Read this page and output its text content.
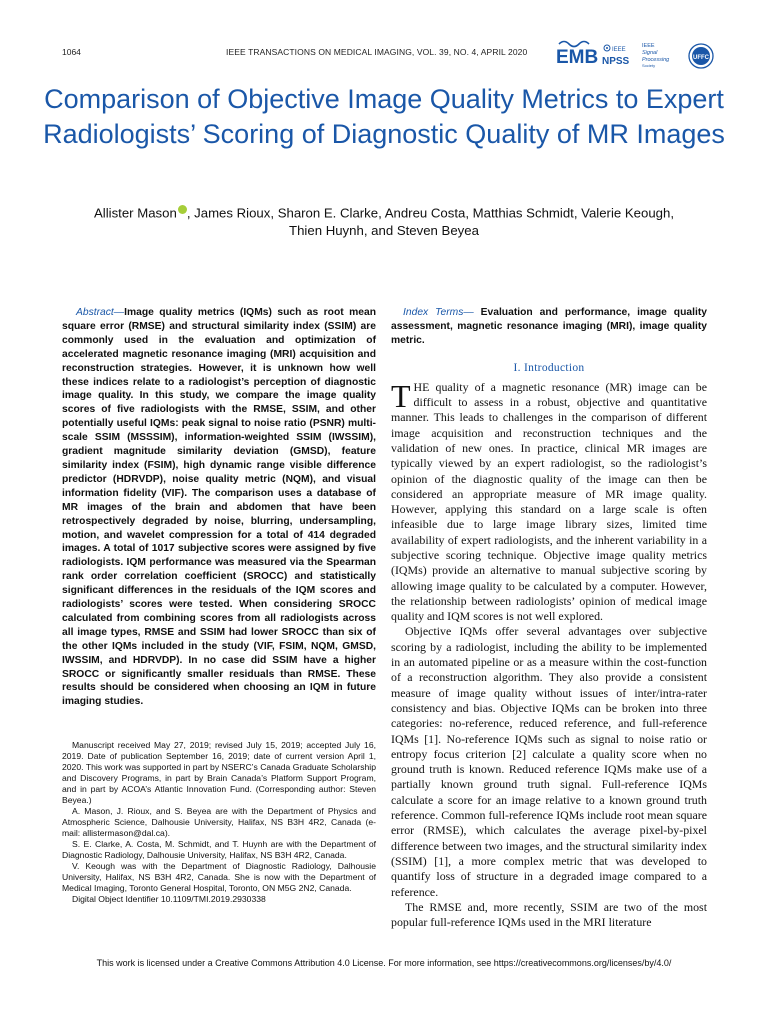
1064	IEEE TRANSACTIONS ON MEDICAL IMAGING, VOL. 39, NO. 4, APRIL 2020 EMB IEEE
NPSS
IEEE
Signal
Processing
Society
UFFC
Comparison of Objective Image Quality Metrics to Expert Radiologists’ Scoring of Diagnostic Quality of MR Images
Allister Mason , James Rioux, Sharon E. Clarke, Andreu Costa, Matthias Schmidt, Valerie Keough, Thien Huynh, and Steven Beyea

Abstract—Image quality metrics (IQMs) such as root mean square error (RMSE) and structural similarity index (SSIM) are commonly used in the evaluation and optimization of accelerated magnetic resonance imaging (MRI) acquisition and reconstruction strategies. However, it is unknown how well these indices relate to a radiologist’s perception of diagnostic image quality. In this study, we compare the image quality scores of five radiologists with the RMSE, SSIM, and other potentially useful IQMs: peak signal to noise ratio (PSNR) multi-scale SSIM (MSSSIM), information-weighted SSIM (IWSSIM), gradient magnitude similarity deviation (GMSD), feature similarity index (FSIM), high dynamic range visible difference predictor (HDRVDP), noise quality metric (NQM), and visual information fidelity (VIF). The comparison uses a database of MR images of the brain and abdomen that have been retrospectively degraded by noise, blurring, undersampling, motion, and wavelet compression for a total of 414 degraded images. A total of 1017 subjective scores were assigned by five radiologists. IQM performance was measured via the Spearman rank order correlation coefficient (SROCC) and statistically significant differences in the residuals of the IQM scores and radiologists’ scores were tested. When considering SROCC calculated from combining scores from all radiologists across all image types, RMSE and SSIM had lower SROCC than six of the other IQMs included in the study (VIF, FSIM, NQM, GMSD, IWSSIM, and HDRVDP). In no case did SSIM have a higher SROCC or significantly smaller residuals than RMSE. These results should be considered when choosing an IQM in future imaging studies.

Manuscript received May 27, 2019; revised July 15, 2019; accepted July 16, 2019. Date of publication September 16, 2019; date of current version April 1, 2020. This work was supported in part by NSERC’s Canada Graduate Scholarship and Discovery Programs, in part by Brain Canada’s Platform Support Program, and in part by ACOA’s Atlantic Innovation Fund. (Corresponding author: Steven Beyea.)

A. Mason, J. Rioux, and S. Beyea are with the Department of Physics and Atmospheric Science, Dalhousie University, Halifax, NS B3H 4R2, Canada (e-mail: allistermason@dal.ca).

S. E. Clarke, A. Costa, M. Schmidt, and T. Huynh are with the Department of Diagnostic Radiology, Dalhousie University, Halifax, NS B3H 4R2, Canada.

V. Keough was with the Department of Diagnostic Radiology, Dalhousie University, Halifax, NS B3H 4R2, Canada. She is now with the Department of Medical Imaging, Toronto General Hospital, Toronto, ON M5G 2N2, Canada.

Digital Object Identifier 10.1109/TMI.2019.2930338

Index Terms— Evaluation and performance, image quality assessment, magnetic resonance imaging (MRI), image quality metric.

I. Introduction

THE quality of a magnetic resonance (MR) image can be difficult to assess in a robust, objective and quantitative manner. This leads to challenges in the comparison of different image acquisition and reconstruction techniques and the validation of new ones. In practice, clinical MR images are typically viewed by an expert radiologist, so the radiologist’s opinion of the diagnostic quality of the image can then be considered an appropriate measure of MR image quality. However, applying this standard on a large scale is often infeasible due to large image library sizes, limited time availability of expert radiologists, and the inherent variability in a subjective scoring technique. Objective image quality metrics (IQMs) provide an alternative to manual subjective scoring by allowing image quality to be calculated by a computer. However, the relationship between radiologists’ opinion of medical image quality and IQM scores is not well explored.

Objective IQMs offer several advantages over subjective scoring by a radiologist, including the ability to be implemented in an automated pipeline or as a measure within the cost-function of a reconstruction algorithm. They also provide a consistent measure of image quality without issues of inter/intra-rater consistency and bias. Objective IQMs can be broken into three categories: no-reference, reduced reference, and full-reference IQMs [1]. No-reference IQMs such as signal to noise ratio or entropy focus criterion [2] calculate a quality score when no ground truth is known. Reduced reference IQMs make use of a partially known ground truth signal. Full-reference IQMs calculate a score for an image relative to a known ground truth reference. Common full-reference IQMs include root mean square error (RMSE), which calculates the average pixel-by-pixel difference between two images, and the structural similarity index (SSIM) [1], a more complex metric that was developed to quantify loss of structure in a degraded image compared to a reference.

The RMSE and, more recently, SSIM are two of the most popular full-reference IQMs used in the MRI literature

This work is licensed under a Creative Commons Attribution 4.0 License. For more information, see https://creativecommons.org/licenses/by/4.0/
